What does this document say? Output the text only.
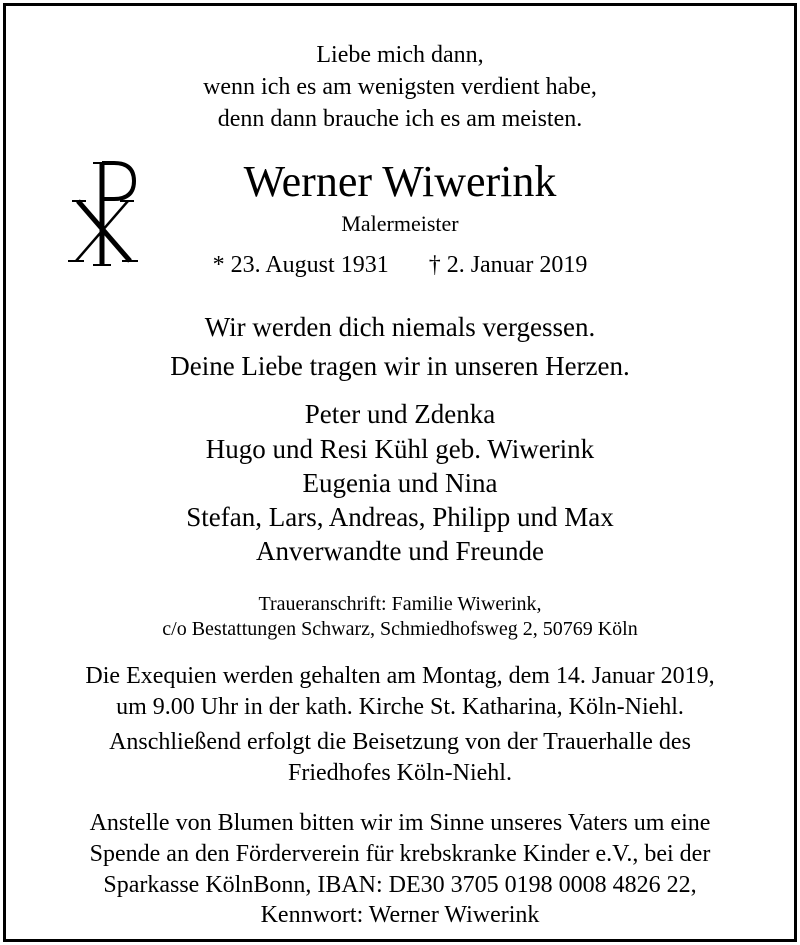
Liebe mich dann,
wenn ich es am wenigsten verdient habe,
denn dann brauche ich es am meisten.
Werner Wiwerink
Malermeister
* 23. August 1931 † 2. Januar 2019
Wir werden dich niemals vergessen.
Deine Liebe tragen wir in unseren Herzen.
Peter und Zdenka
Hugo und Resi Kühl geb. Wiwerink
Eugenia und Nina
Stefan, Lars, Andreas, Philipp und Max
Anverwandte und Freunde
Traueranschrift: Familie Wiwerink,
c/o Bestattungen Schwarz, Schmiedhofsweg 2, 50769 Köln
Die Exequien werden gehalten am Montag, dem 14. Januar 2019,
um 9.00 Uhr in der kath. Kirche St. Katharina, Köln-Niehl.
Anschließend erfolgt die Beisetzung von der Trauerhalle des
Friedhofes Köln-Niehl.
Anstelle von Blumen bitten wir im Sinne unseres Vaters um eine
Spende an den Förderverein für krebskranke Kinder e.V., bei der
Sparkasse KölnBonn, IBAN: DE30 3705 0198 0008 4826 22,
Kennwort: Werner Wiwerink
